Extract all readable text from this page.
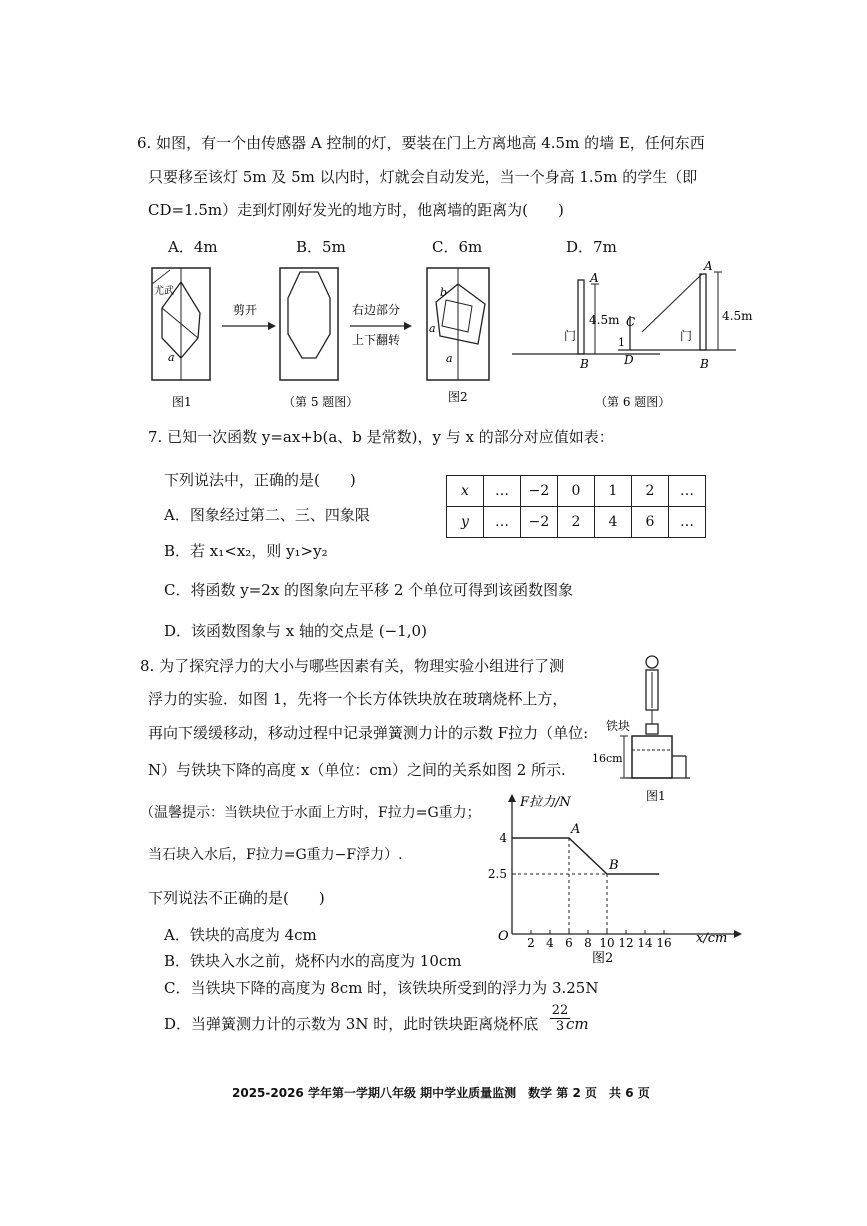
6. 如图，有一个由传感器 A 控制的灯，要装在门上方离地高 4.5m 的墙 E，任何东西
只要移至该灯 5m 及 5m 以内时，灯就会自动发光，当一个身高 1.5m 的学生（即
CD=1.5m）走到灯刚好发光的地方时，他离墙的距离为(　　)
A．4m	B．5m	C．6m	D．7m
尤武
a
图1
剪开
（第 5 题图）
右边部分
上下翻转
b
a
a
图2
A
B
4.5m
门
A
C
D
1
B
4.5m
门
（第 6 题图）
7. 已知一次函数 y=ax+b(a、b 是常数)，y 与 x 的部分对应值如表：
下列说法中，正确的是(　　)
A．图象经过第二、三、四象限
B．若 x₁<x₂，则 y₁>y₂
C．将函数 y=2x 的图象向左平移 2 个单位可得到该函数图象
D．该函数图象与 x 轴的交点是 (−1,0)
x	…	−2	0	1	2	…
y	…	−2	2	4	6	…
8. 为了探究浮力的大小与哪些因素有关，物理实验小组进行了测
浮力的实验．如图 1，先将一个长方体铁块放在玻璃烧杯上方，
再向下缓缓移动，移动过程中记录弹簧测力计的示数 F拉力（单位:
N）与铁块下降的高度 x（单位：cm）之间的关系如图 2 所示.
（温馨提示：当铁块位于水面上方时，F拉力=G重力；
当石块入水后，F拉力=G重力−F浮力）.
下列说法不正确的是(　　)
A．铁块的高度为 4cm
B．铁块入水之前，烧杯内水的高度为 10cm
C．当铁块下降的高度为 8cm 时，该铁块所受到的浮力为 3.25N
D．当弹簧测力计的示数为 3N 时，此时铁块距离烧杯底 $\frac{22}{3}$
cm
铁块
16cm
图1
F拉力/N
x/cm
O
图2
2 4 6 8 10 12 14 16
2.5
4
A
B
2025-2026 学年第一学期八年级 期中学业质量监测　数学 第 2 页　共 6 页
